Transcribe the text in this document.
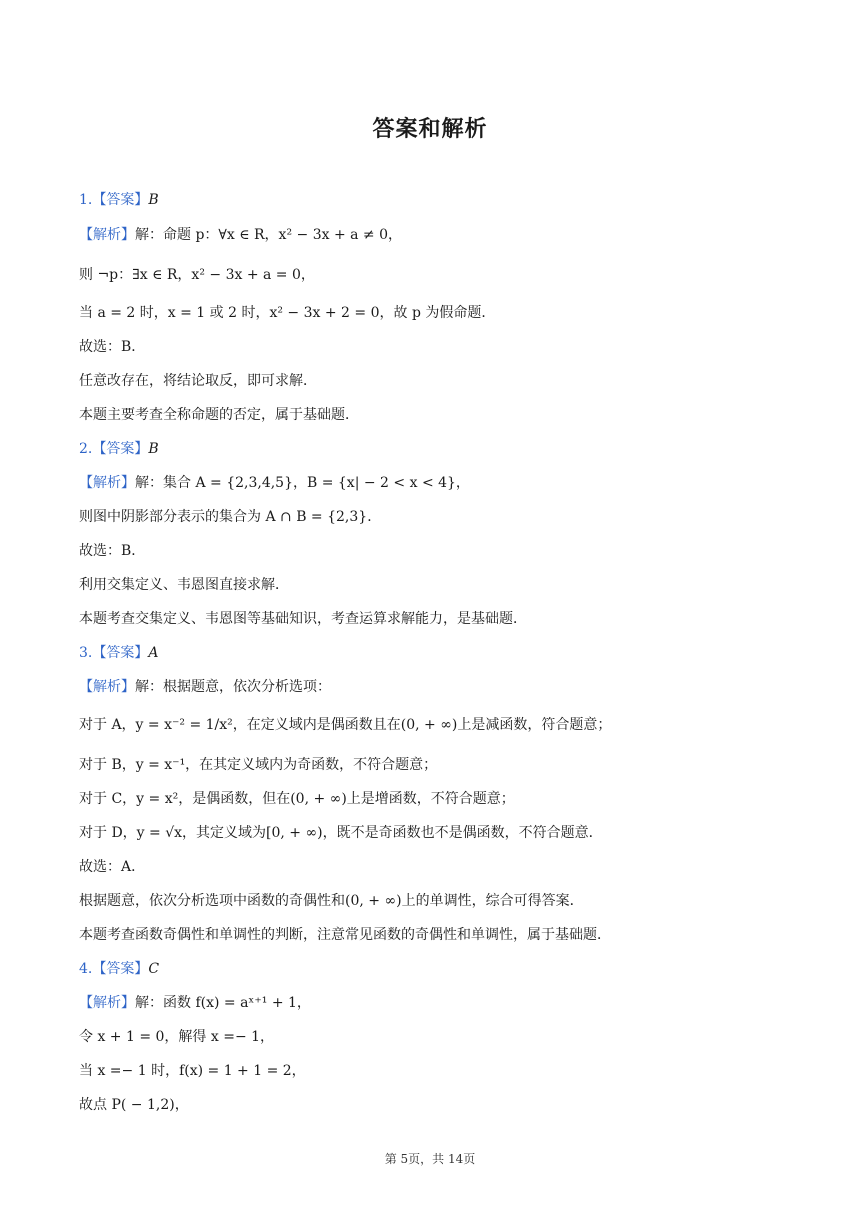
答案和解析
1.【答案】B
【解析】解：命题 p：∀x ∈ R，x² − 3x + a ≠ 0，
则 ¬p：∃x ∈ R，x² − 3x + a = 0，
当 a = 2 时，x = 1 或 2 时，x² − 3x + 2 = 0，故 p 为假命题．
故选：B．
任意改存在，将结论取反，即可求解．
本题主要考查全称命题的否定，属于基础题．
2.【答案】B
【解析】解：集合 A = {2,3,4,5}，B = {x| − 2 < x < 4}，
则图中阴影部分表示的集合为 A ∩ B = {2,3}．
故选：B．
利用交集定义、韦恩图直接求解．
本题考查交集定义、韦恩图等基础知识，考查运算求解能力，是基础题．
3.【答案】A
【解析】解：根据题意，依次分析选项：
对于 A，y = x⁻² = 1/x²，在定义域内是偶函数且在(0, + ∞)上是减函数，符合题意；
对于 B，y = x⁻¹，在其定义域内为奇函数，不符合题意；
对于 C，y = x²，是偶函数，但在(0, + ∞)上是增函数，不符合题意；
对于 D，y = √x，其定义域为[0, + ∞)，既不是奇函数也不是偶函数，不符合题意．
故选：A．
根据题意，依次分析选项中函数的奇偶性和(0, + ∞)上的单调性，综合可得答案．
本题考查函数奇偶性和单调性的判断，注意常见函数的奇偶性和单调性，属于基础题．
4.【答案】C
【解析】解：函数 f(x) = aˣ⁺¹ + 1，
令 x + 1 = 0，解得 x =− 1，
当 x =− 1 时，f(x) = 1 + 1 = 2，
故点 P( − 1,2)，
第 5页，共 14页
